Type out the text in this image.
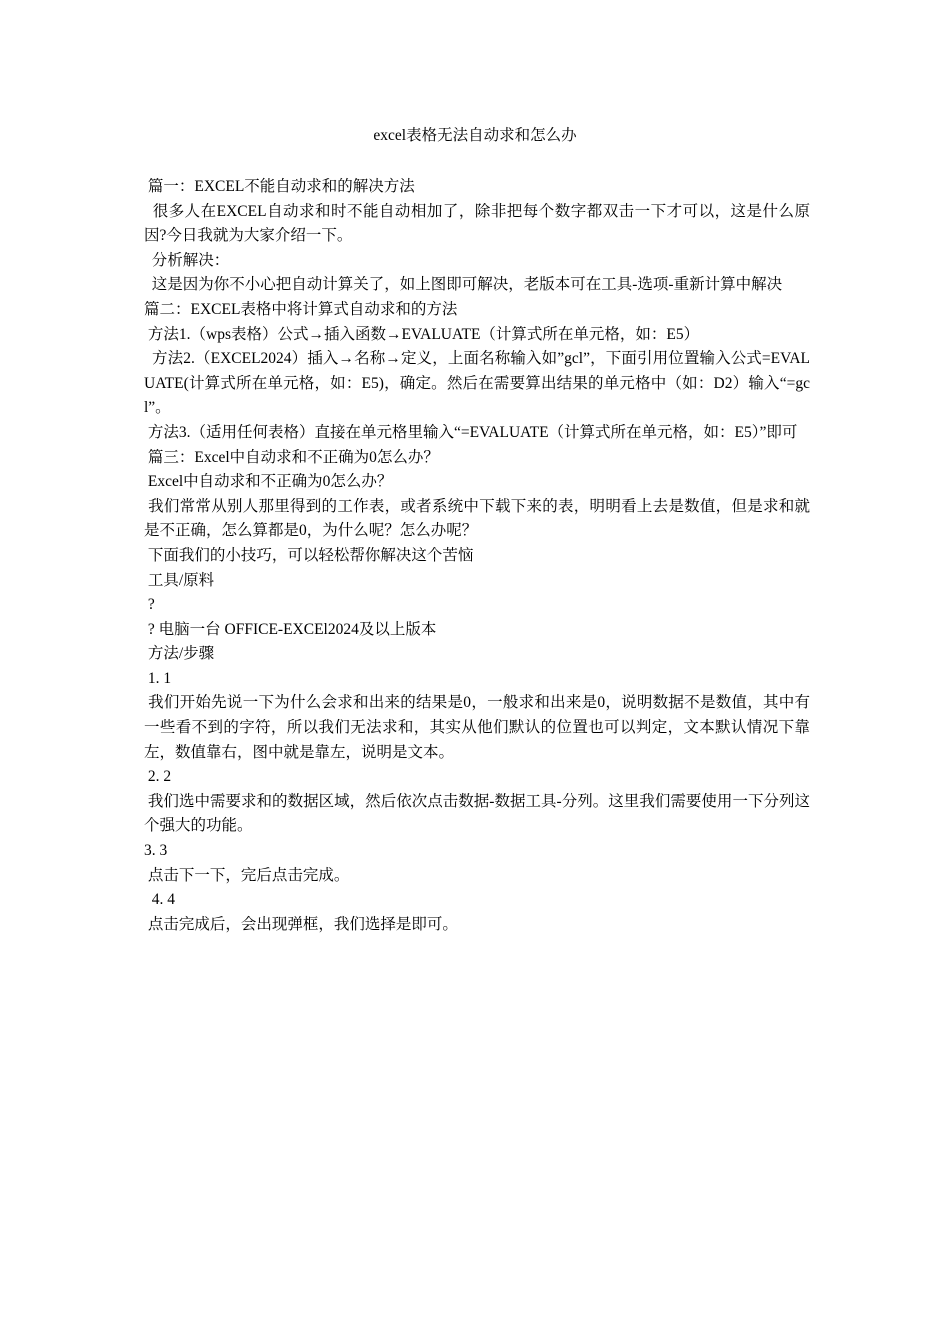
excel表格无法自动求和怎么办

篇一：EXCEL不能自动求和的解决方法

很多人在EXCEL自动求和时不能自动相加了，除非把每个数字都双击一下才可以，这是什么原因?今日我就为大家介绍一下。

分析解决：

这是因为你不小心把自动计算关了，如上图即可解决，老版本可在工具-选项-重新计算中解决

篇二：EXCEL表格中将计算式自动求和的方法

方法1.（wps表格）公式→插入函数→EVALUATE（计算式所在单元格，如：E5）

方法2.（EXCEL2024）插入→名称→定义，上面名称输入如”gcl”，下面引用位置输入公式=EVALUATE(计算式所在单元格，如：E5)，确定。然后在需要算出结果的单元格中（如：D2）输入“=gcl”。

方法3.（适用任何表格）直接在单元格里输入“=EVALUATE（计算式所在单元格，如：E5）”即可

篇三：Excel中自动求和不正确为0怎么办？

Excel中自动求和不正确为0怎么办？

我们常常从别人那里得到的工作表，或者系统中下载下来的表，明明看上去是数值，但是求和就是不正确，怎么算都是0，为什么呢？怎么办呢？

下面我们的小技巧，可以轻松帮你解决这个苦恼

工具/原料

?

? 电脑一台 OFFICE-EXCEl2024及以上版本

方法/步骤

1. 1

我们开始先说一下为什么会求和出来的结果是0，一般求和出来是0，说明数据不是数值，其中有一些看不到的字符，所以我们无法求和，其实从他们默认的位置也可以判定，文本默认情况下靠左，数值靠右，图中就是靠左，说明是文本。

2. 2

我们选中需要求和的数据区域，然后依次点击数据-数据工具-分列。这里我们需要使用一下分列这个强大的功能。

3. 3

点击下一下，完后点击完成。

4. 4

点击完成后，会出现弹框，我们选择是即可。
